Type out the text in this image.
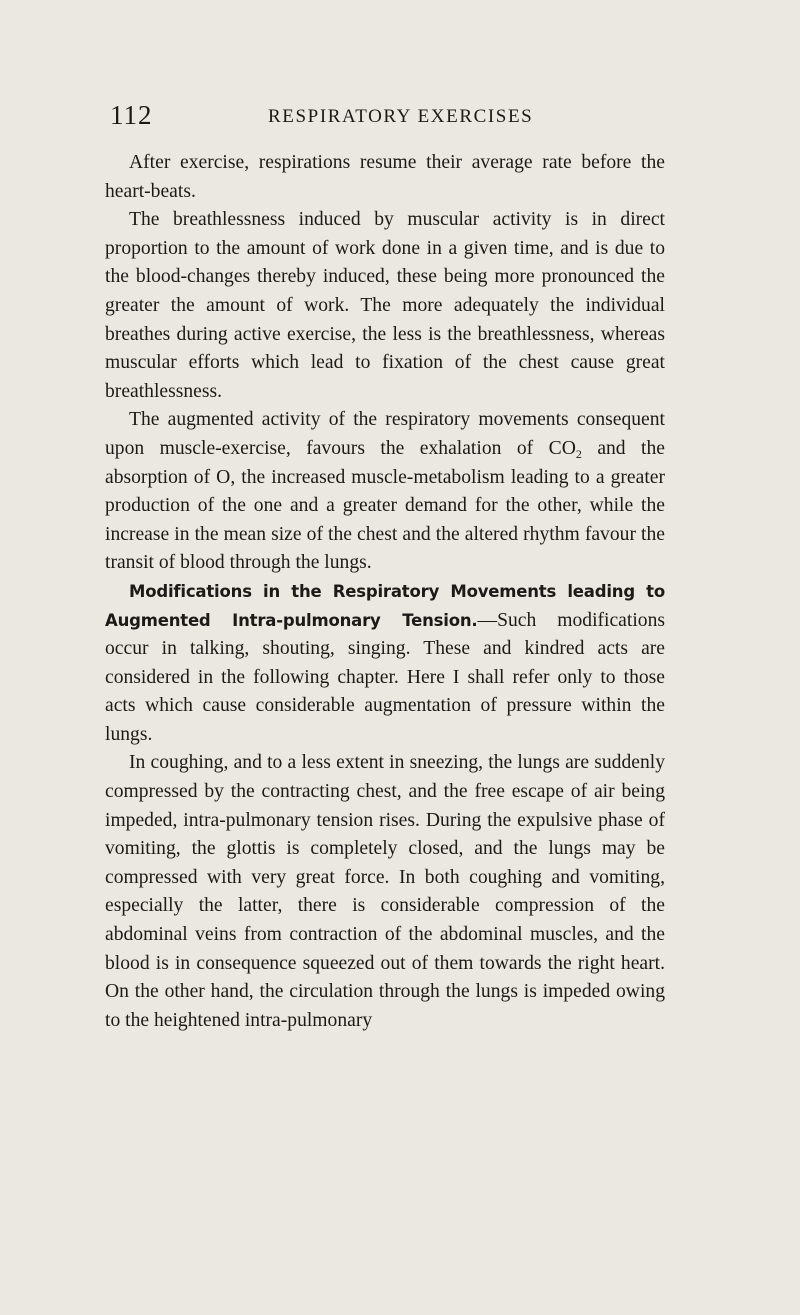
112	RESPIRATORY EXERCISES

After exercise, respirations resume their average rate before the heart-beats.

The breathlessness induced by muscular activity is in direct proportion to the amount of work done in a given time, and is due to the blood-changes thereby induced, these being more pronounced the greater the amount of work. The more adequately the individual breathes during active exercise, the less is the breathlessness, whereas muscular efforts which lead to fixation of the chest cause great breathlessness.

The augmented activity of the respiratory movements consequent upon muscle-exercise, favours the exhalation of $CO_2$ and the absorption of O, the increased muscle-metabolism leading to a greater production of the one and a greater demand for the other, while the increase in the mean size of the chest and the altered rhythm favour the transit of blood through the lungs.

Modifications in the Respiratory Movements leading to Augmented Intra-pulmonary Tension.—Such modifications occur in talking, shouting, singing. These and kindred acts are considered in the following chapter. Here I shall refer only to those acts which cause considerable augmentation of pressure within the lungs.

In coughing, and to a less extent in sneezing, the lungs are suddenly compressed by the contracting chest, and the free escape of air being impeded, intra-pulmonary tension rises. During the expulsive phase of vomiting, the glottis is completely closed, and the lungs may be compressed with very great force. In both coughing and vomiting, especially the latter, there is considerable compression of the abdominal veins from contraction of the abdominal muscles, and the blood is in consequence squeezed out of them towards the right heart. On the other hand, the circulation through the lungs is impeded owing to the heightened intra-pulmonary
